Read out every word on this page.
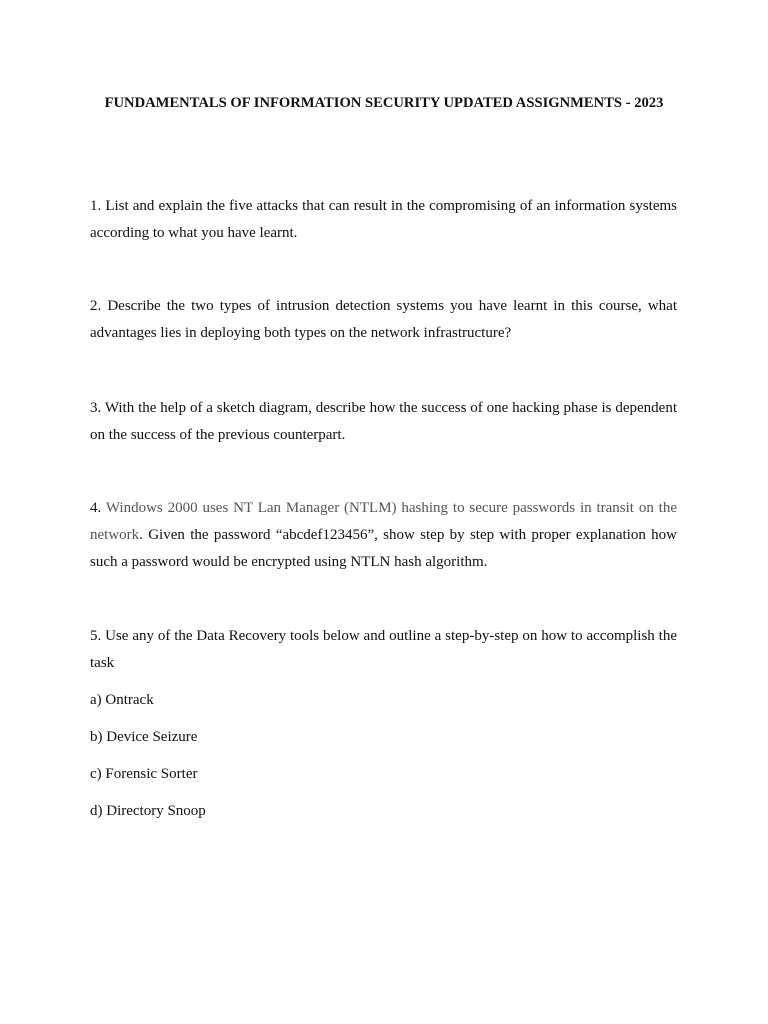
FUNDAMENTALS OF INFORMATION SECURITY UPDATED ASSIGNMENTS - 2023
1. List and explain the five attacks that can result in the compromising of an information systems according to what you have learnt.
2. Describe the two types of intrusion detection systems you have learnt in this course, what advantages lies in deploying both types on the network infrastructure?
3. With the help of a sketch diagram, describe how the success of one hacking phase is dependent on the success of the previous counterpart.
4. Windows 2000 uses NT Lan Manager (NTLM) hashing to secure passwords in transit on the network. Given the password “abcdef123456”, show step by step with proper explanation how such a password would be encrypted using NTLN hash algorithm.
5. Use any of the Data Recovery tools below and outline a step-by-step on how to accomplish the task
a) Ontrack
b) Device Seizure
c) Forensic Sorter
d) Directory Snoop
